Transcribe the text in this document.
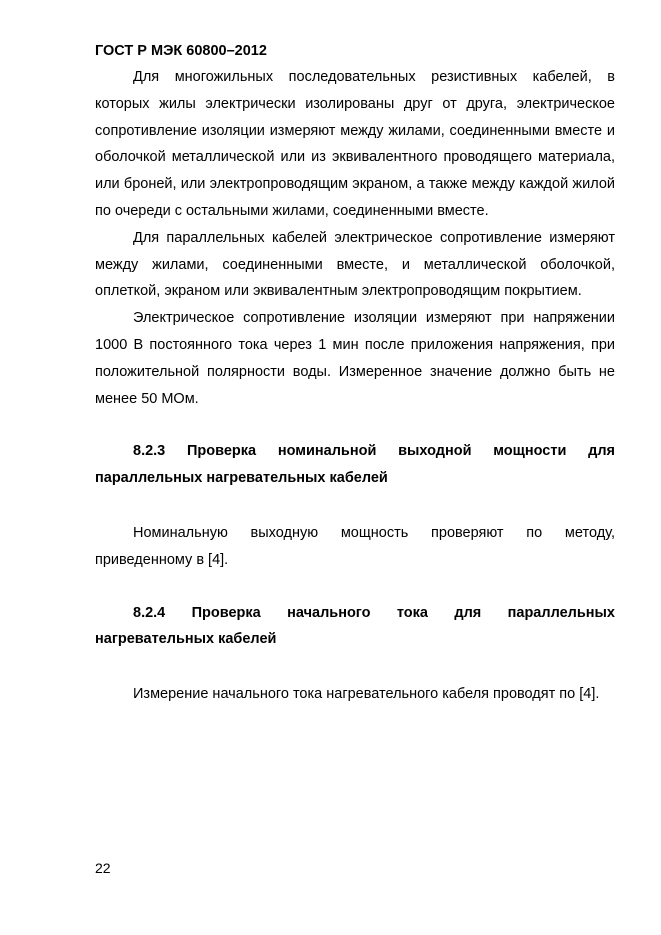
ГОСТ Р МЭК 60800–2012

Для многожильных последовательных резистивных кабелей, в которых жилы электрически изолированы друг от друга, электрическое сопротивление изоляции измеряют между жилами, соединенными вместе и оболочкой металлической или из эквивалентного проводящего материала, или броней, или электропроводящим экраном, а также между каждой жилой по очереди с остальными жилами, соединенными вместе.

Для параллельных кабелей электрическое сопротивление измеряют между жилами, соединенными вместе, и металлической оболочкой, оплеткой, экраном или эквивалентным электропроводящим покрытием.

Электрическое сопротивление изоляции измеряют при напряжении 1000 В постоянного тока через 1 мин после приложения напряжения, при положительной полярности воды. Измеренное значение должно быть не менее 50 МОм.

8.2.3 Проверка номинальной выходной мощности для параллельных нагревательных кабелей

Номинальную выходную мощность проверяют по методу, приведенному в [4].

8.2.4 Проверка начального тока для параллельных нагревательных кабелей

Измерение начального тока нагревательного кабеля проводят по [4].

22
